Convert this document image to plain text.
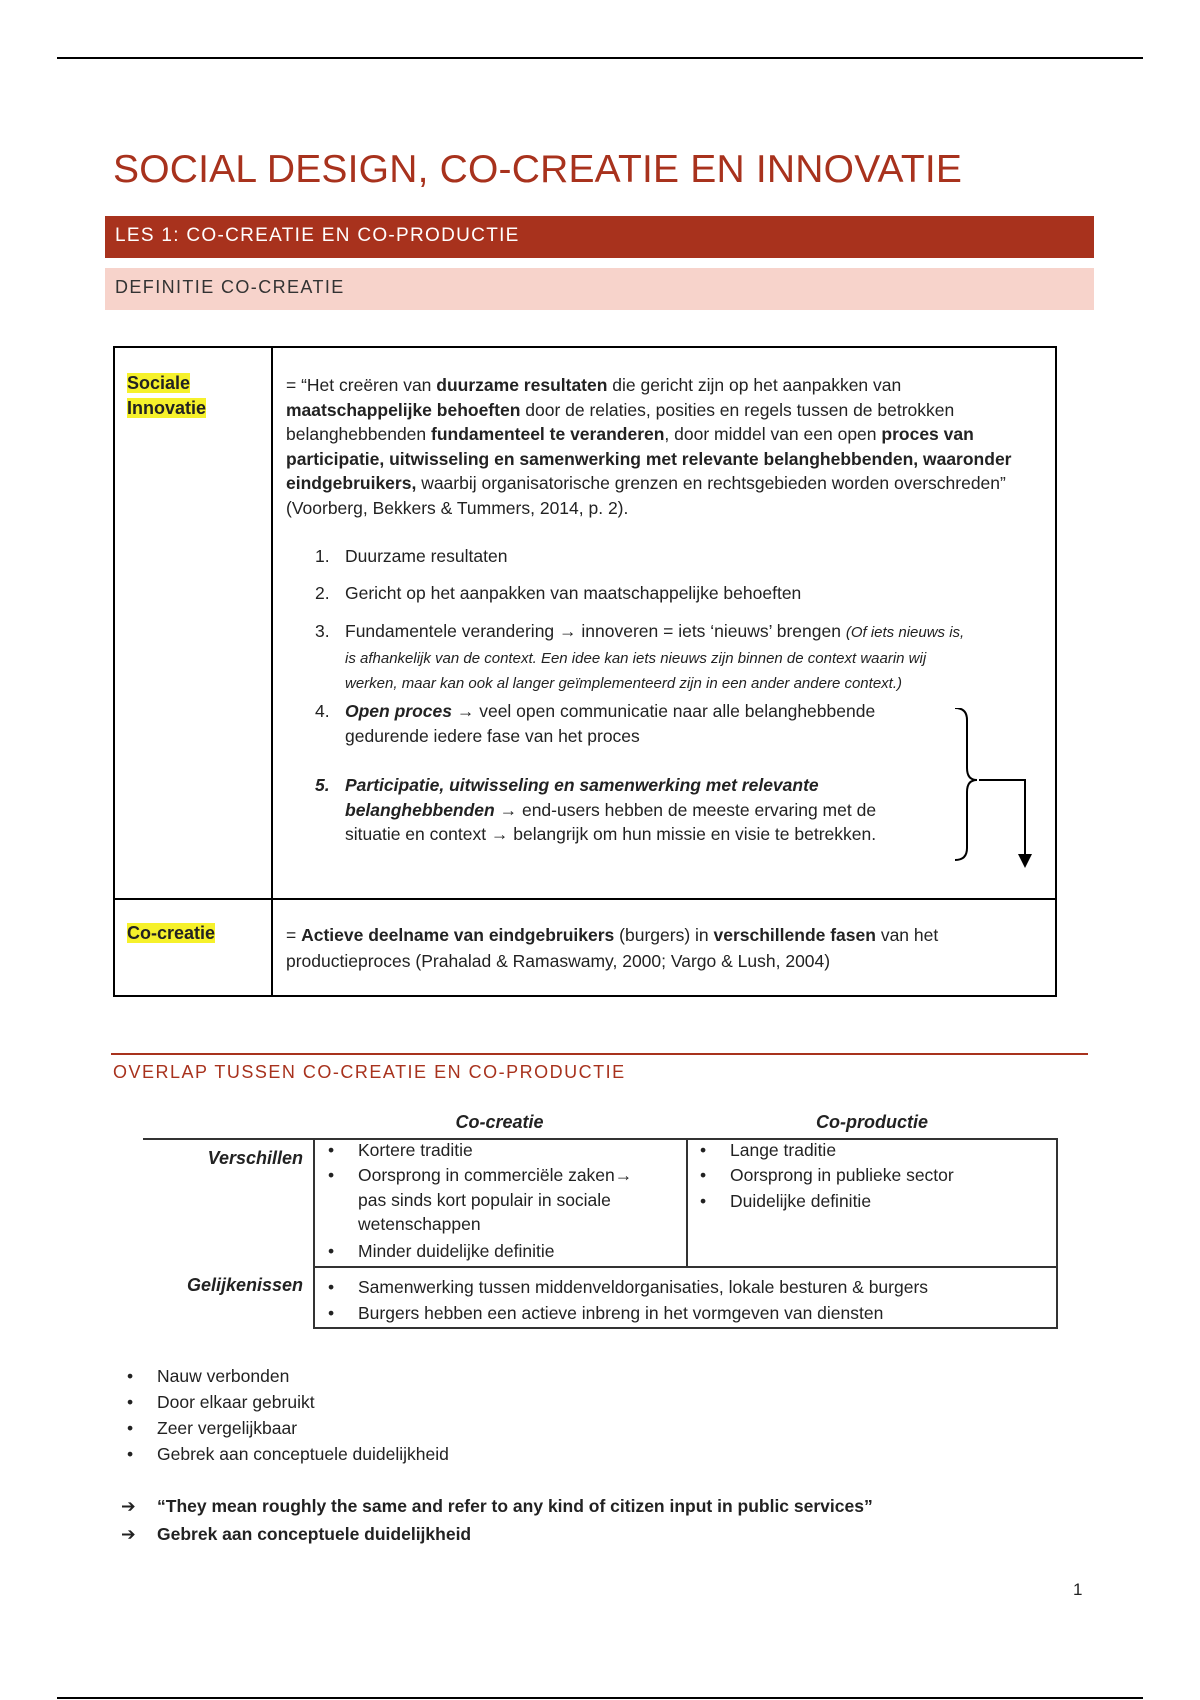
SOCIAL DESIGN, CO-CREATIE EN INNOVATIE
LES 1: CO-CREATIE EN CO-PRODUCTIE
DEFINITIE CO-CREATIE
Sociale
Innovatie
= “Het creëren van duurzame resultaten die gericht zijn op het aanpakken van maatschappelijke behoeften door de relaties, posities en regels tussen de betrokken belanghebbenden fundamenteel te veranderen, door middel van een open proces van participatie, uitwisseling en samenwerking met relevante belanghebbenden, waaronder eindgebruikers, waarbij organisatorische grenzen en rechtsgebieden worden overschreden” (Voorberg, Bekkers & Tummers, 2014, p. 2).
1. Duurzame resultaten
2. Gericht op het aanpakken van maatschappelijke behoeften
3. Fundamentele verandering → innoveren = iets ‘nieuws’ brengen (Of iets nieuws is, is afhankelijk van de context. Een idee kan iets nieuws zijn binnen de context waarin wij werken, maar kan ook al langer geïmplementeerd zijn in een ander andere context.)
4. Open proces → veel open communicatie naar alle belanghebbende gedurende iedere fase van het proces
5. Participatie, uitwisseling en samenwerking met relevante belanghebbenden → end-users hebben de meeste ervaring met de situatie en context → belangrijk om hun missie en visie te betrekken.
Co-creatie	= Actieve deelname van eindgebruikers (burgers) in verschillende fasen van het productieproces (Prahalad & Ramaswamy, 2000; Vargo & Lush, 2004)
OVERLAP TUSSEN CO-CREATIE EN CO-PRODUCTIE
Co-creatie	Co-productie
Verschillen
Gelijkenissen
• Kortere traditie
• Oorsprong in commerciële zaken→
pas sinds kort populair in sociale wetenschappen
• Minder duidelijke definitie
• Lange traditie
• Oorsprong in publieke sector
• Duidelijke definitie
• Samenwerking tussen middenveldorganisaties, lokale besturen & burgers
• Burgers hebben een actieve inbreng in het vormgeven van diensten
• Nauw verbonden
• Door elkaar gebruikt
• Zeer vergelijkbaar
• Gebrek aan conceptuele duidelijkheid
➔ “They mean roughly the same and refer to any kind of citizen input in public services”
➔ Gebrek aan conceptuele duidelijkheid
1
